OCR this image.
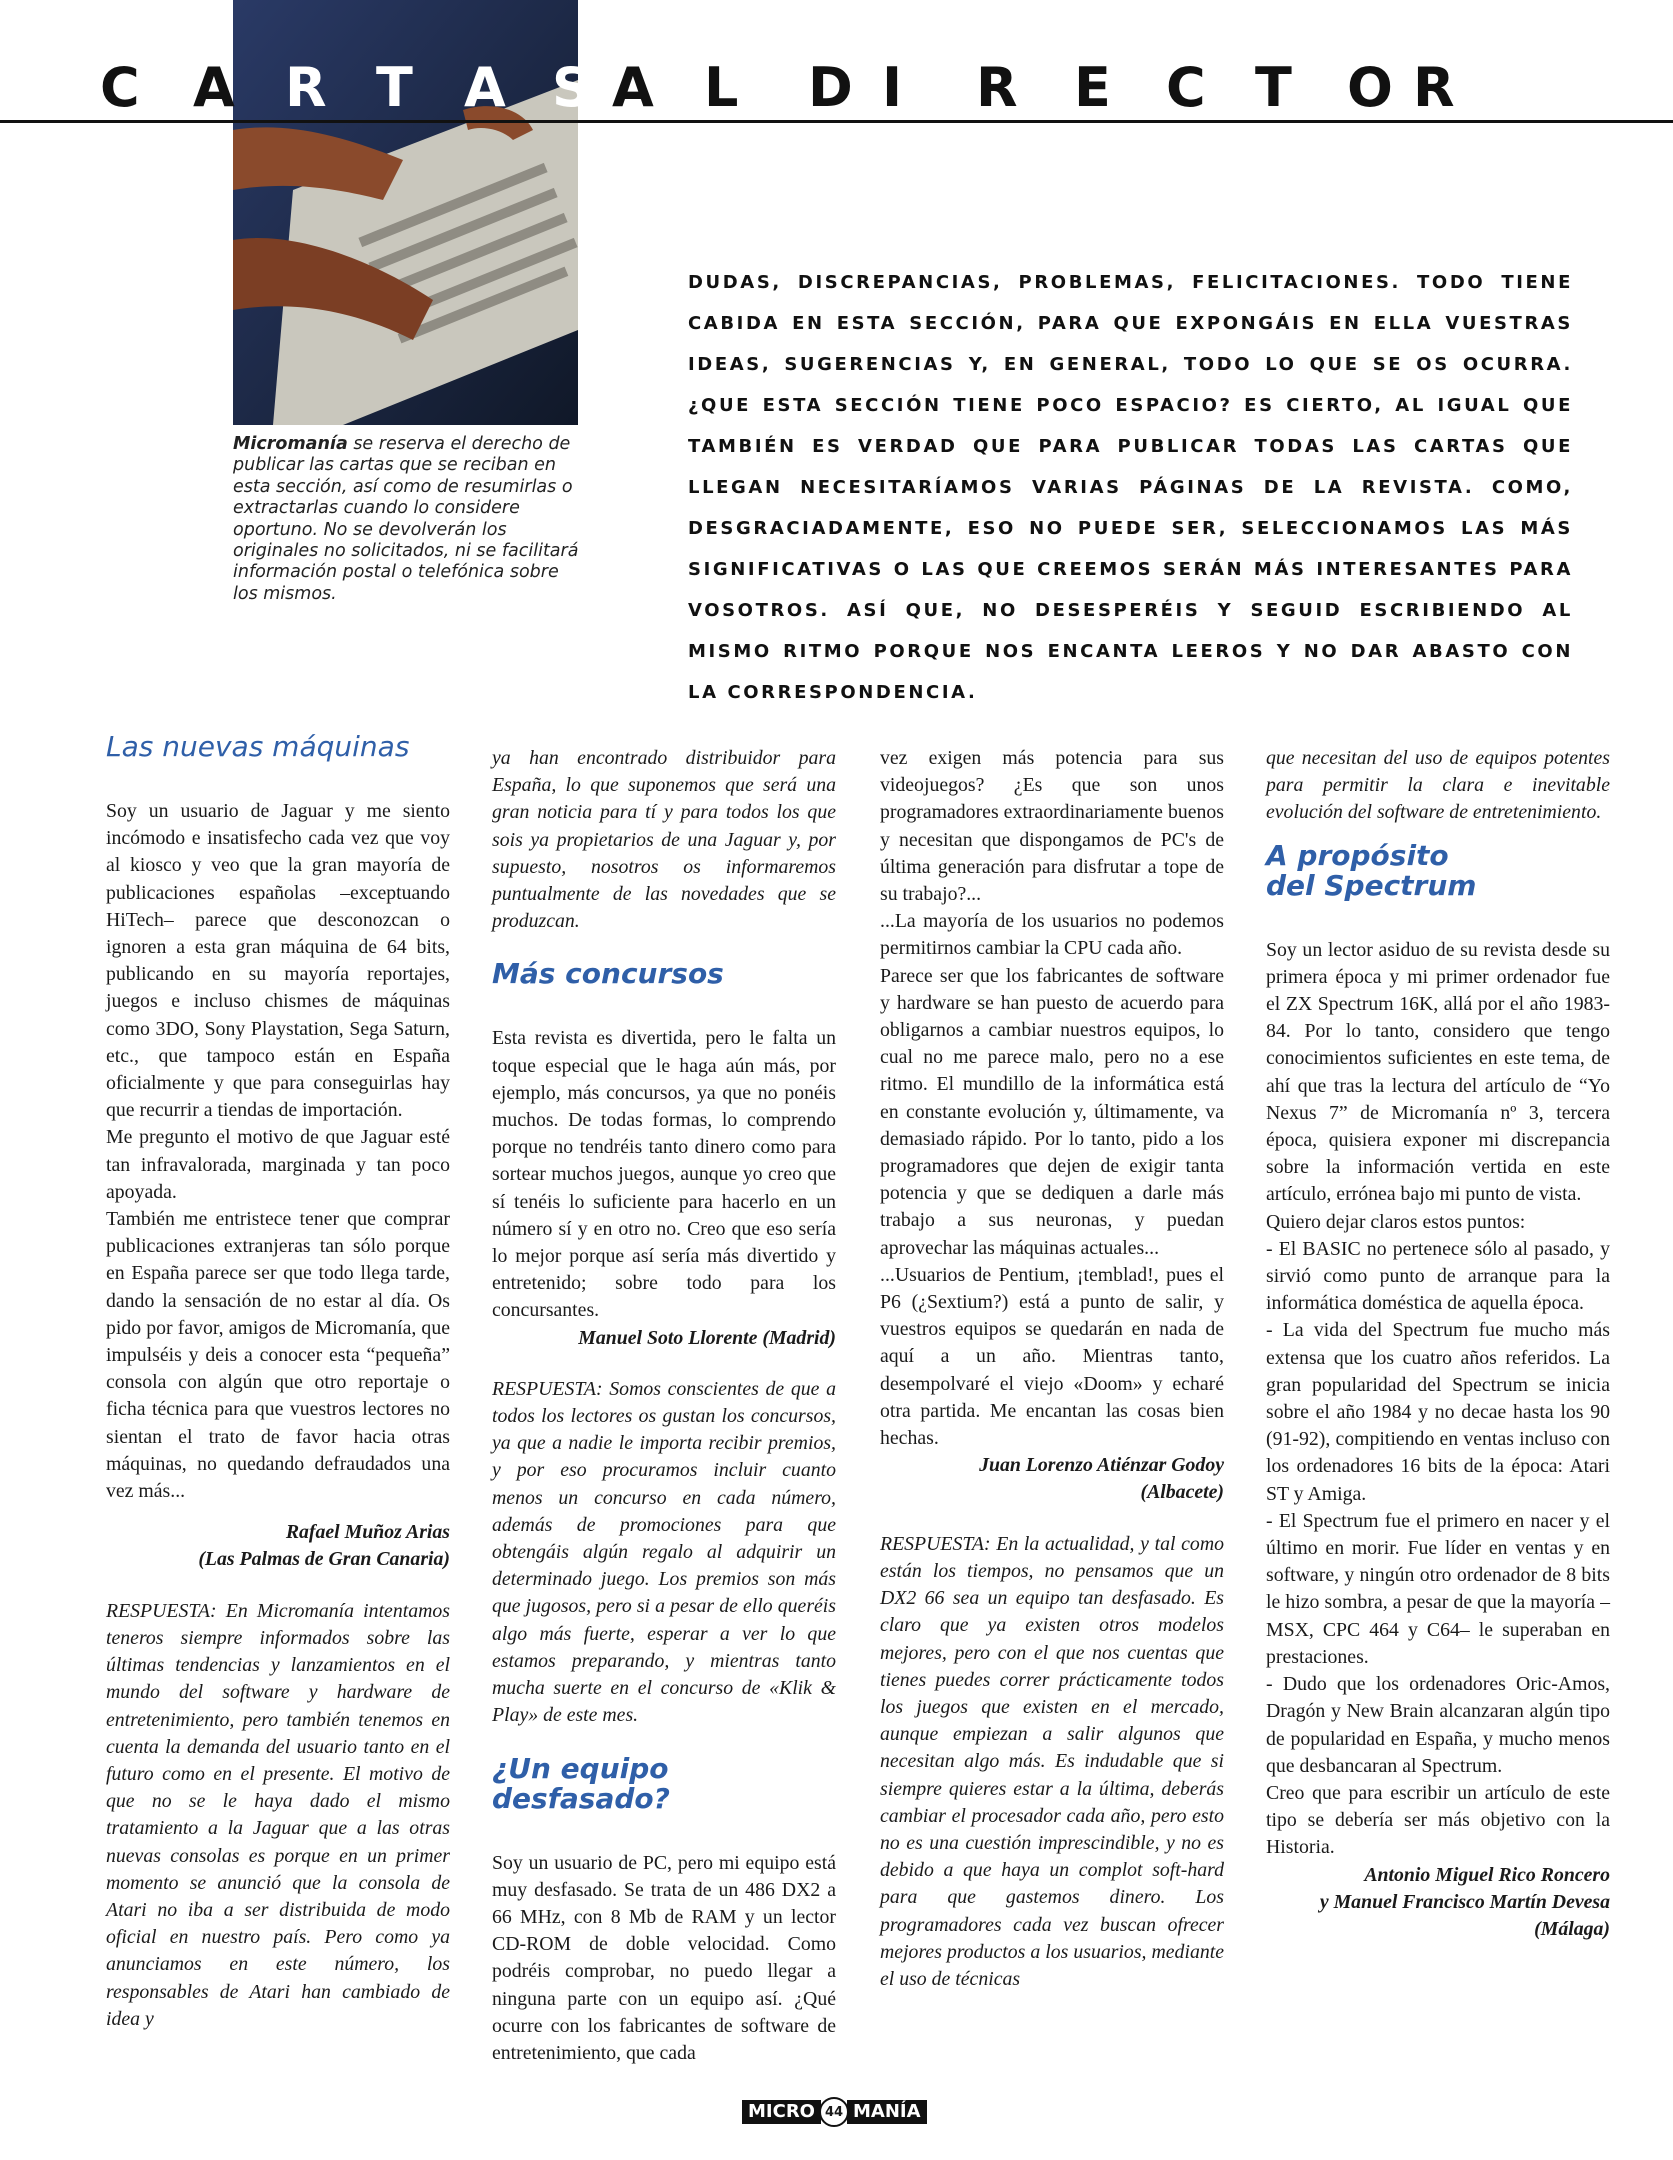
C A R T A S A L D I R E C T O R

Micromanía se reserva el derecho de publicar las cartas que se reciban en esta sección, así como de resumirlas o extractarlas cuando lo considere oportuno. No se devolverán los originales no solicitados, ni se facilitará información postal o telefónica sobre los mismos.

DUDAS, DISCREPANCIAS, PROBLEMAS, FELICITACIONES. TODO TIENE CABIDA EN ESTA SECCIÓN, PARA QUE EXPONGÁIS EN ELLA VUESTRAS IDEAS, SUGERENCIAS Y, EN GENERAL, TODO LO QUE SE OS OCURRA. ¿QUE ESTA SECCIÓN TIENE POCO ESPACIO? ES CIERTO, AL IGUAL QUE TAMBIÉN ES VERDAD QUE PARA PUBLICAR TODAS LAS CARTAS QUE LLEGAN NECESITARÍAMOS VARIAS PÁGINAS DE LA REVISTA. COMO, DESGRACIADAMENTE, ESO NO PUEDE SER, SELECCIONAMOS LAS MÁS SIGNIFICATIVAS O LAS QUE CREEMOS SERÁN MÁS INTERESANTES PARA VOSOTROS. ASÍ QUE, NO DESESPERÉIS Y SEGUID ESCRIBIENDO AL MISMO RITMO PORQUE NOS ENCANTA LEEROS Y NO DAR ABASTO CON LA CORRESPONDENCIA.

Las nuevas máquinas

Soy un usuario de Jaguar y me siento incómodo e insatisfecho cada vez que voy al kiosco y veo que la gran mayoría de publicaciones españolas –exceptuando HiTech– parece que desconozcan o ignoren a esta gran máquina de 64 bits, publicando en su mayoría reportajes, juegos e incluso chismes de máquinas como 3DO, Sony Playstation, Sega Saturn, etc., que tampoco están en España oficialmente y que para conseguirlas hay que recurrir a tiendas de importación.

Me pregunto el motivo de que Jaguar esté tan infravalorada, marginada y tan poco apoyada.

También me entristece tener que comprar publicaciones extranjeras tan sólo porque en España parece ser que todo llega tarde, dando la sensación de no estar al día. Os pido por favor, amigos de Micromanía, que impulséis y deis a conocer esta “pequeña” consola con algún que otro reportaje o ficha técnica para que vuestros lectores no sientan el trato de favor hacia otras máquinas, no quedando defraudados una vez más...

Rafael Muñoz Arias

(Las Palmas de Gran Canaria)

RESPUESTA: En Micromanía intentamos teneros siempre informados sobre las últimas tendencias y lanzamientos en el mundo del software y hardware de entretenimiento, pero también tenemos en cuenta la demanda del usuario tanto en el futuro como en el presente. El motivo de que no se le haya dado el mismo tratamiento a la Jaguar que a las otras nuevas consolas es porque en un primer momento se anunció que la consola de Atari no iba a ser distribuida de modo oficial en nuestro país. Pero como ya anunciamos en este número, los responsables de Atari han cambiado de idea y

ya han encontrado distribuidor para España, lo que suponemos que será una gran noticia para tí y para todos los que sois ya propietarios de una Jaguar y, por supuesto, nosotros os informaremos puntualmente de las novedades que se produzcan.

Más concursos

Esta revista es divertida, pero le falta un toque especial que le haga aún más, por ejemplo, más concursos, ya que no ponéis muchos. De todas formas, lo comprendo porque no tendréis tanto dinero como para sortear muchos juegos, aunque yo creo que sí tenéis lo suficiente para hacerlo en un número sí y en otro no. Creo que eso sería lo mejor porque así sería más divertido y entretenido; sobre todo para los concursantes.

Manuel Soto Llorente (Madrid)

RESPUESTA: Somos conscientes de que a todos los lectores os gustan los concursos, ya que a nadie le importa recibir premios, y por eso procuramos incluir cuanto menos un concurso en cada número, además de promociones para que obtengáis algún regalo al adquirir un determinado juego. Los premios son más que jugosos, pero si a pesar de ello queréis algo más fuerte, esperar a ver lo que estamos preparando, y mientras tanto mucha suerte en el concurso de «Klik & Play» de este mes.

¿Un equipo desfasado?

Soy un usuario de PC, pero mi equipo está muy desfasado. Se trata de un 486 DX2 a 66 MHz, con 8 Mb de RAM y un lector CD-ROM de doble velocidad. Como podréis comprobar, no puedo llegar a ninguna parte con un equipo así. ¿Qué ocurre con los fabricantes de software de entretenimiento, que cada

vez exigen más potencia para sus videojuegos? ¿Es que son unos programadores extraordinariamente buenos y necesitan que dispongamos de PC's de última generación para disfrutar a tope de su trabajo?...

...La mayoría de los usuarios no podemos permitirnos cambiar la CPU cada año.

Parece ser que los fabricantes de software y hardware se han puesto de acuerdo para obligarnos a cambiar nuestros equipos, lo cual no me parece malo, pero no a ese ritmo. El mundillo de la informática está en constante evolución y, últimamente, va demasiado rápido. Por lo tanto, pido a los programadores que dejen de exigir tanta potencia y que se dediquen a darle más trabajo a sus neuronas, y puedan aprovechar las máquinas actuales...

...Usuarios de Pentium, ¡temblad!, pues el P6 (¿Sextium?) está a punto de salir, y vuestros equipos se quedarán en nada de aquí a un año. Mientras tanto, desempolvaré el viejo «Doom» y echaré otra partida. Me encantan las cosas bien hechas.

Juan Lorenzo Atiénzar Godoy

(Albacete)

RESPUESTA: En la actualidad, y tal como están los tiempos, no pensamos que un DX2 66 sea un equipo tan desfasado. Es claro que ya existen otros modelos mejores, pero con el que nos cuentas que tienes puedes correr prácticamente todos los juegos que existen en el mercado, aunque empiezan a salir algunos que necesitan algo más. Es indudable que si siempre quieres estar a la última, deberás cambiar el procesador cada año, pero esto no es una cuestión imprescindible, y no es debido a que haya un complot soft-hard para que gastemos dinero. Los programadores cada vez buscan ofrecer mejores productos a los usuarios, mediante el uso de técnicas

que necesitan del uso de equipos potentes para permitir la clara e inevitable evolución del software de entretenimiento.

A propósito del Spectrum

Soy un lector asiduo de su revista desde su primera época y mi primer ordenador fue el ZX Spectrum 16K, allá por el año 1983-84. Por lo tanto, considero que tengo conocimientos suficientes en este tema, de ahí que tras la lectura del artículo de “Yo Nexus 7” de Micromanía nº 3, tercera época, quisiera exponer mi discrepancia sobre la información vertida en este artículo, errónea bajo mi punto de vista.

Quiero dejar claros estos puntos:

- El BASIC no pertenece sólo al pasado, y sirvió como punto de arranque para la informática doméstica de aquella época.

- La vida del Spectrum fue mucho más extensa que los cuatro años referidos. La gran popularidad del Spectrum se inicia sobre el año 1984 y no decae hasta los 90 (91-92), compitiendo en ventas incluso con los ordenadores 16 bits de la época: Atari ST y Amiga.

- El Spectrum fue el primero en nacer y el último en morir. Fue líder en ventas y en software, y ningún otro ordenador de 8 bits le hizo sombra, a pesar de que la mayoría –MSX, CPC 464 y C64– le superaban en prestaciones.

- Dudo que los ordenadores Oric-Amos, Dragón y New Brain alcanzaran algún tipo de popularidad en España, y mucho menos que desbancaran al Spectrum.

Creo que para escribir un artículo de este tipo se debería ser más objetivo con la Historia.

Antonio Miguel Rico Roncero

y Manuel Francisco Martín Devesa

(Málaga)

MICRO 44 MANÍA
